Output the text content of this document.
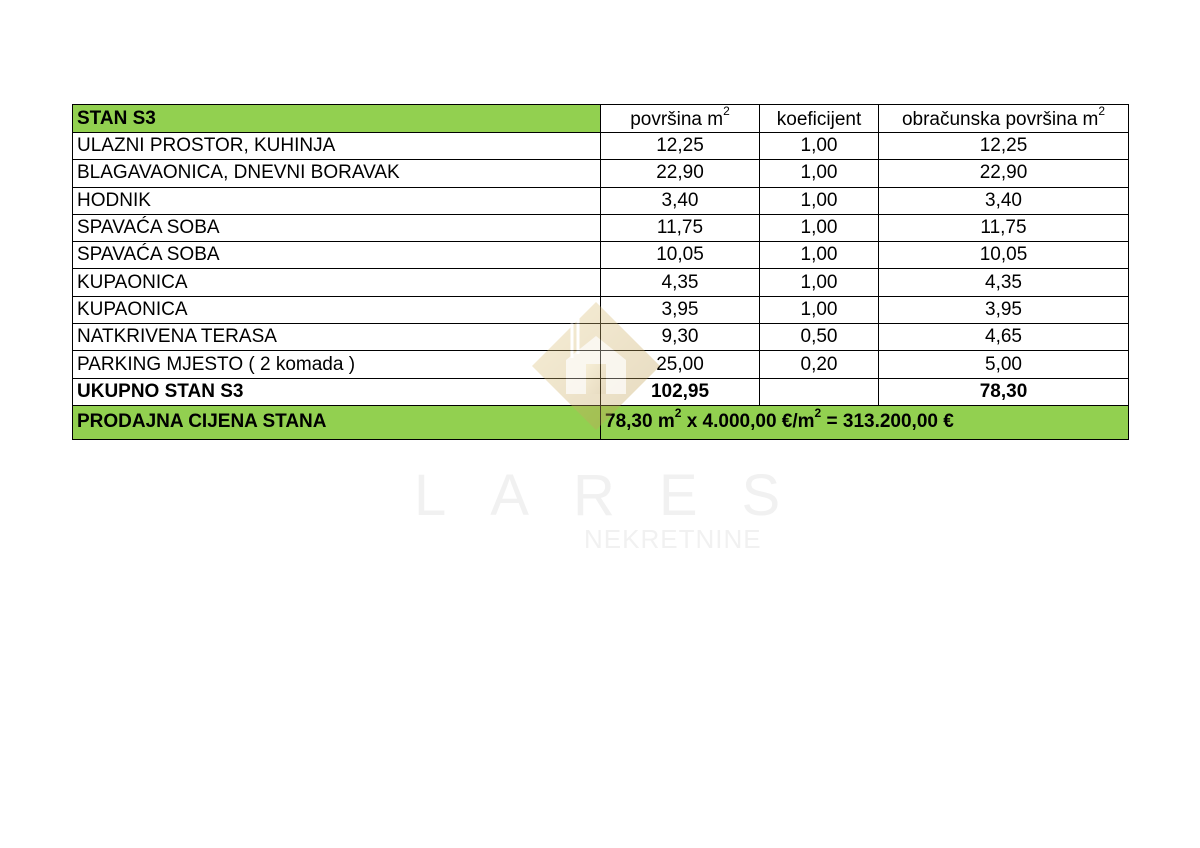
STAN S3	površina $m^2$	koeficijent	obračunska površina $m^2$
ULAZNI PROSTOR, KUHINJA	12,25	1,00	12,25
BLAGAVAONICA, DNEVNI BORAVAK	22,90	1,00	22,90
HODNIK	3,40	1,00	3,40
SPAVAĆA SOBA	11,75	1,00	11,75
SPAVAĆA SOBA	10,05	1,00	10,05
KUPAONICA	4,35	1,00	4,35
KUPAONICA	3,95	1,00	3,95
NATKRIVENA TERASA	9,30	0,50	4,65
PARKING MJESTO ( 2 komada )	25,00	0,20	5,00
UKUPNO STAN S3	102,95		78,30
PRODAJNA CIJENA STANA	78,30 $m^2$ x 4.000,00 $€/m^2 = 313.200,00$ €		
LARES
NEKRETNINE
